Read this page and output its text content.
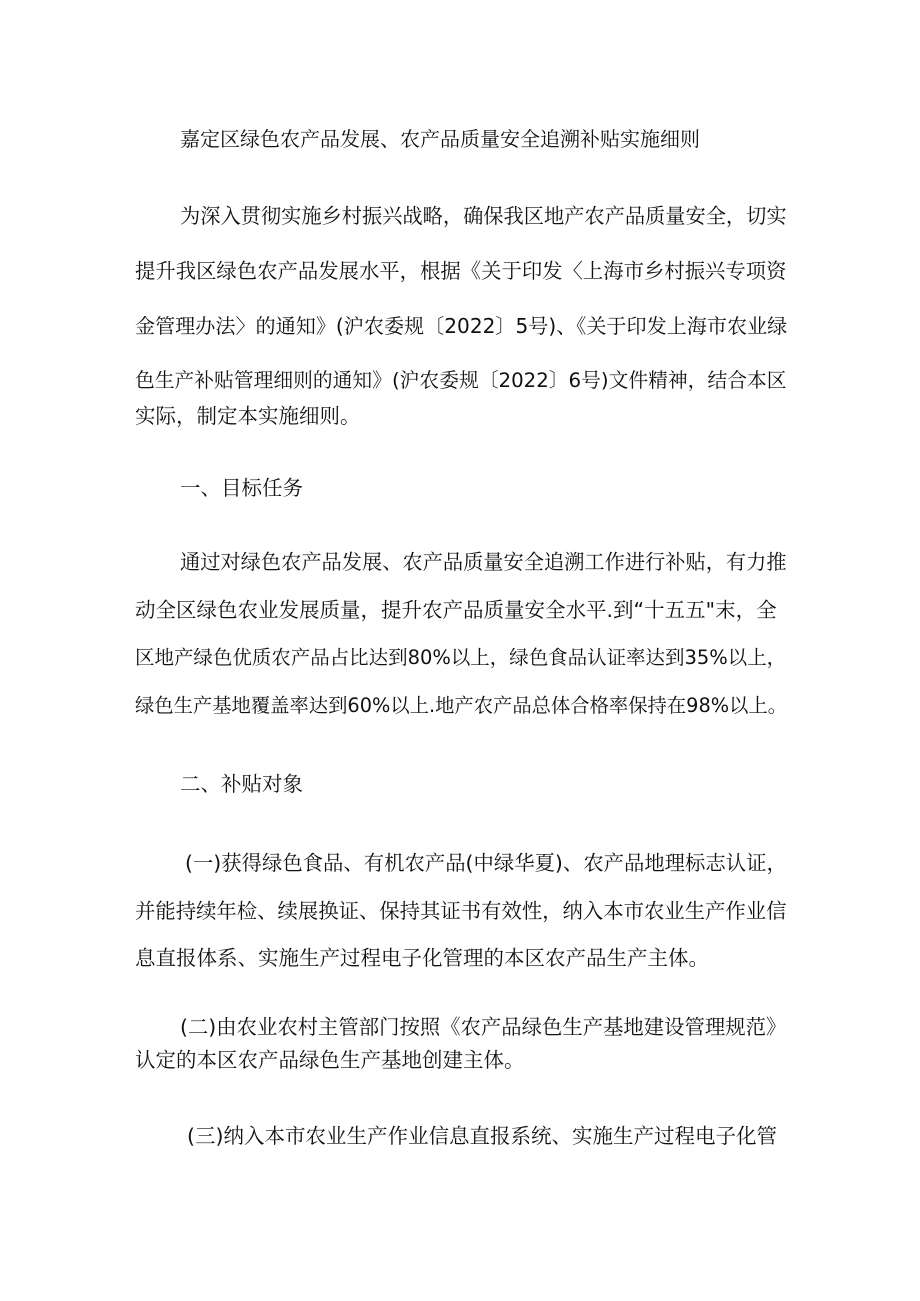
嘉定区绿色农产品发展、农产品质量安全追溯补贴实施细则
为深入贯彻实施乡村振兴战略，确保我区地产农产品质量安全，切实
提升我区绿色农产品发展水平，根据《关于印发〈上海市乡村振兴专项资
金管理办法〉的通知》(沪农委规〔2022〕5号)、《关于印发上海市农业绿
色生产补贴管理细则的通知》(沪农委规〔2022〕6号)文件精神，结合本区
实际，制定本实施细则。
一、目标任务
通过对绿色农产品发展、农产品质量安全追溯工作进行补贴，有力推
动全区绿色农业发展质量，提升农产品质量安全水平.到“十五五"末，全
区地产绿色优质农产品占比达到80%以上，绿色食品认证率达到35%以上，
绿色生产基地覆盖率达到60%以上.地产农产品总体合格率保持在98%以上。
二、补贴对象
(一)获得绿色食品、有机农产品(中绿华夏)、农产品地理标志认证，
并能持续年检、续展换证、保持其证书有效性，纳入本市农业生产作业信
息直报体系、实施生产过程电子化管理的本区农产品生产主体。
(二)由农业农村主管部门按照《农产品绿色生产基地建设管理规范》
认定的本区农产品绿色生产基地创建主体。
(三)纳入本市农业生产作业信息直报系统、实施生产过程电子化管
